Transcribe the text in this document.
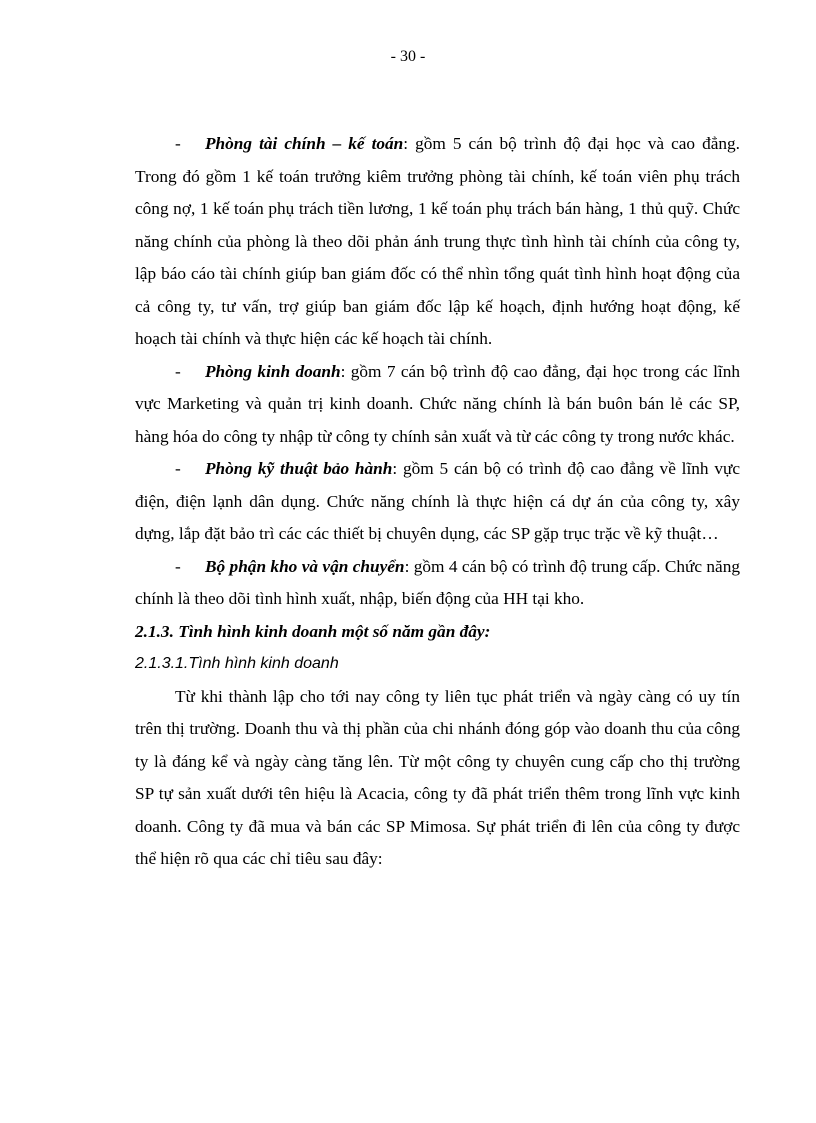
- 30 -

- Phòng tài chính – kế toán: gồm 5 cán bộ trình độ đại học và cao đẳng. Trong đó gồm 1 kế toán trưởng kiêm trưởng phòng tài chính, kế toán viên phụ trách công nợ, 1 kế toán phụ trách tiền lương, 1 kế toán phụ trách bán hàng, 1 thủ quỹ. Chức năng chính của phòng là theo dõi phản ánh trung thực tình hình tài chính của công ty, lập báo cáo tài chính giúp ban giám đốc có thể nhìn tổng quát tình hình hoạt động của cả công ty, tư vấn, trợ giúp ban giám đốc lập kế hoạch, định hướng hoạt động, kế hoạch tài chính và thực hiện các kế hoạch tài chính.

- Phòng kinh doanh: gồm 7 cán bộ trình độ cao đẳng, đại học trong các lĩnh vực Marketing và quản trị kinh doanh. Chức năng chính là bán buôn bán lẻ các SP, hàng hóa do công ty nhập từ công ty chính sản xuất và từ các công ty trong nước khác.

- Phòng kỹ thuật bảo hành: gồm 5 cán bộ có trình độ cao đẳng về lĩnh vực điện, điện lạnh dân dụng. Chức năng chính là thực hiện cá dự án của công ty, xây dựng, lắp đặt bảo trì các các thiết bị chuyên dụng, các SP gặp trục trặc về kỹ thuật…

- Bộ phận kho và vận chuyển: gồm 4 cán bộ có trình độ trung cấp. Chức năng chính là theo dõi tình hình xuất, nhập, biến động của HH tại kho.

2.1.3. Tình hình kinh doanh một số năm gần đây:

2.1.3.1.Tình hình kinh doanh

Từ khi thành lập cho tới nay công ty liên tục phát triển và ngày càng có uy tín trên thị trường. Doanh thu và thị phần của chi nhánh đóng góp vào doanh thu của công ty là đáng kể và ngày càng tăng lên. Từ một công ty chuyên cung cấp cho thị trường SP tự sản xuất dưới tên hiệu là Acacia, công ty đã phát triển thêm trong lĩnh vực kinh doanh. Công ty đã mua và bán các SP Mimosa. Sự phát triển đi lên của công ty được thể hiện rõ qua các chỉ tiêu sau đây:
